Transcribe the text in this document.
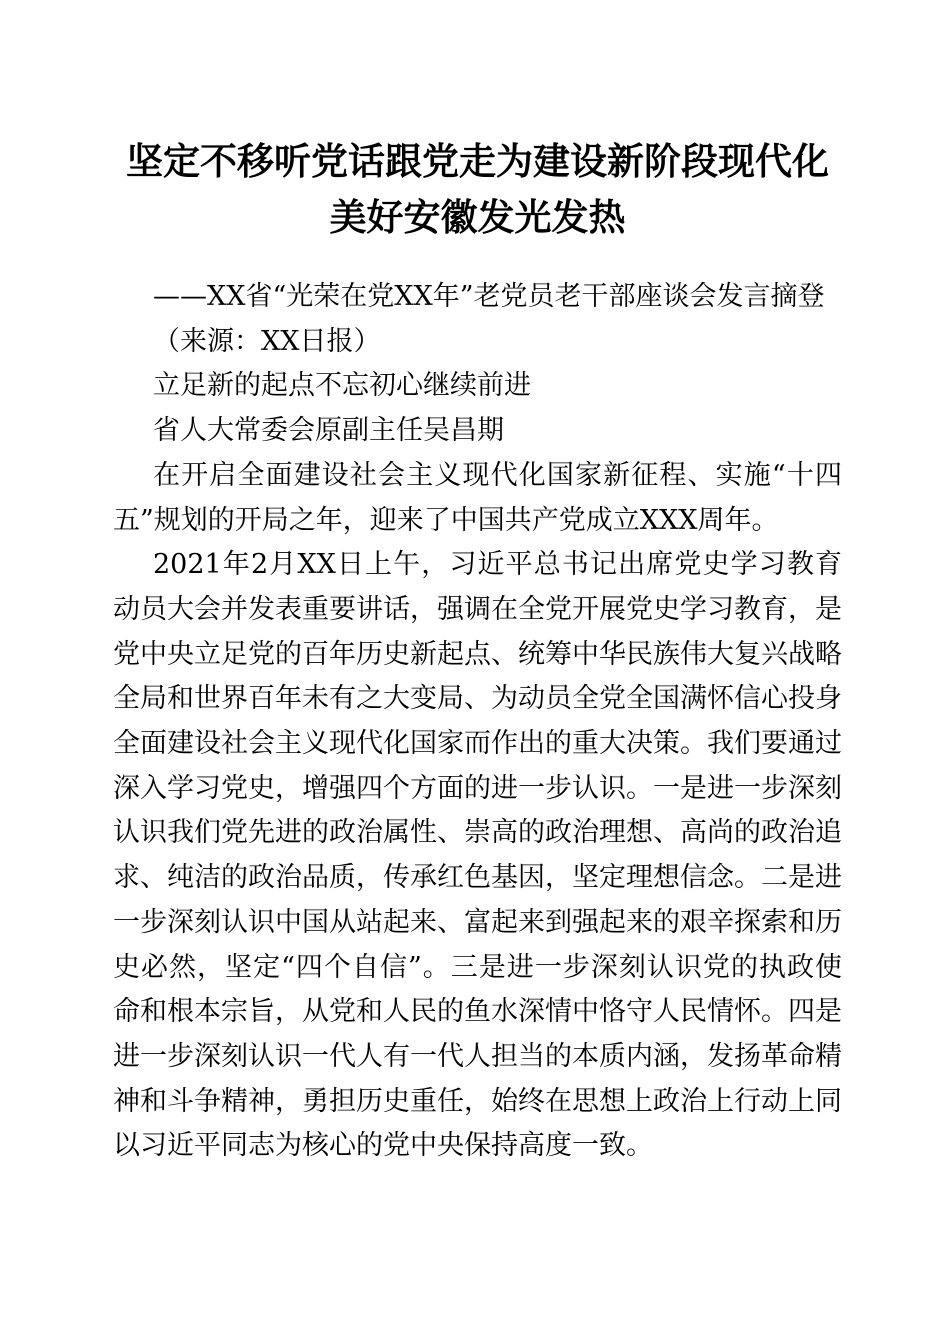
坚定不移听党话跟党走为建设新阶段现代化美好安徽发光发热

——XX省“光荣在党XX年”老党员老干部座谈会发言摘登

（来源：XX日报）

立足新的起点不忘初心继续前进

省人大常委会原副主任吴昌期

在开启全面建设社会主义现代化国家新征程、实施“十四五”规划的开局之年，迎来了中国共产党成立XXX周年。

2021年2月XX日上午，习近平总书记出席党史学习教育动员大会并发表重要讲话，强调在全党开展党史学习教育，是党中央立足党的百年历史新起点、统筹中华民族伟大复兴战略全局和世界百年未有之大变局、为动员全党全国满怀信心投身全面建设社会主义现代化国家而作出的重大决策。我们要通过深入学习党史，增强四个方面的进一步认识。一是进一步深刻认识我们党先进的政治属性、崇高的政治理想、高尚的政治追求、纯洁的政治品质，传承红色基因，坚定理想信念。二是进一步深刻认识中国从站起来、富起来到强起来的艰辛探索和历史必然，坚定“四个自信”。三是进一步深刻认识党的执政使命和根本宗旨，从党和人民的鱼水深情中恪守人民情怀。四是进一步深刻认识一代人有一代人担当的本质内涵，发扬革命精神和斗争精神，勇担历史重任，始终在思想上政治上行动上同以习近平同志为核心的党中央保持高度一致。
